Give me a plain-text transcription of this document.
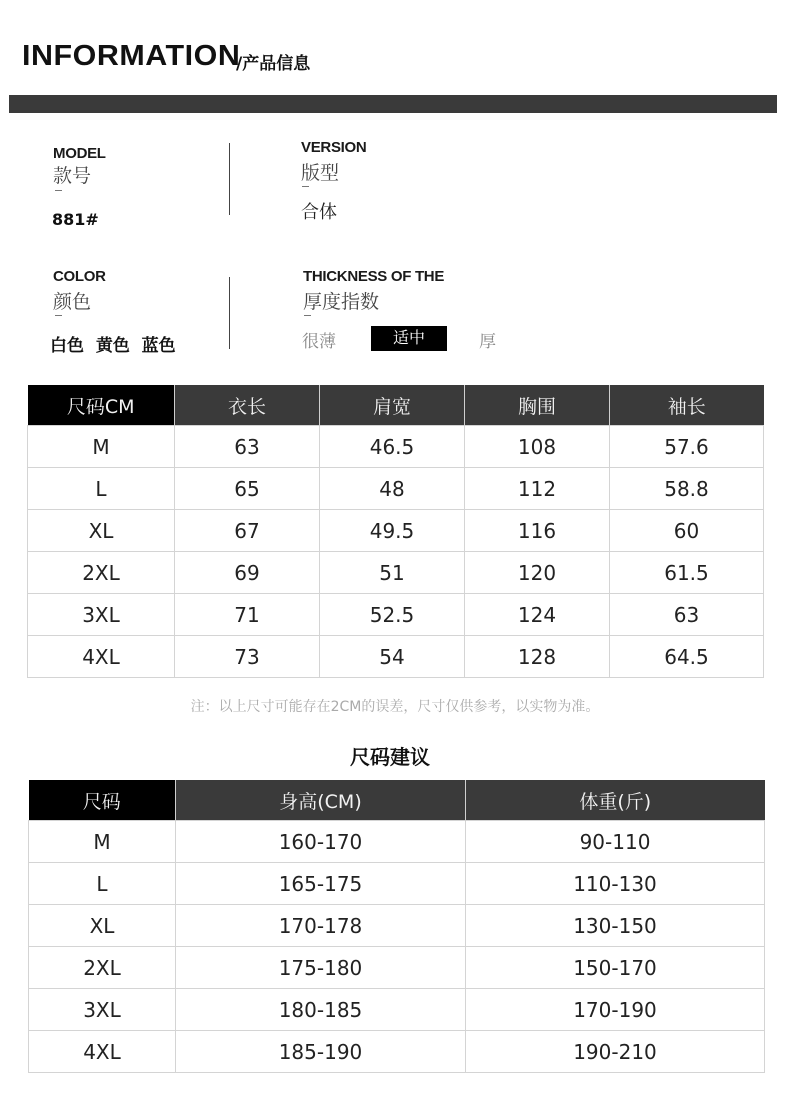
INFORMATION
/产品信息
MODEL
款号
881#
VERSION
版型
合体
COLOR
颜色
白色  黄色  蓝色
THICKNESS OF THE
厚度指数
很薄	适中	厚
尺码CM	衣长	肩宽	胸围	袖长
M	63	46.5	108	57.6
L	65	48	112	58.8
XL	67	49.5	116	60
2XL	69	51	120	61.5
3XL	71	52.5	124	63
4XL	73	54	128	64.5
注：以上尺寸可能存在2CM的误差，尺寸仅供参考，以实物为准。
尺码建议
尺码	身高(CM)	体重(斤)
M	160-170	90-110
L	165-175	110-130
XL	170-178	130-150
2XL	175-180	150-170
3XL	180-185	170-190
4XL	185-190	190-210
